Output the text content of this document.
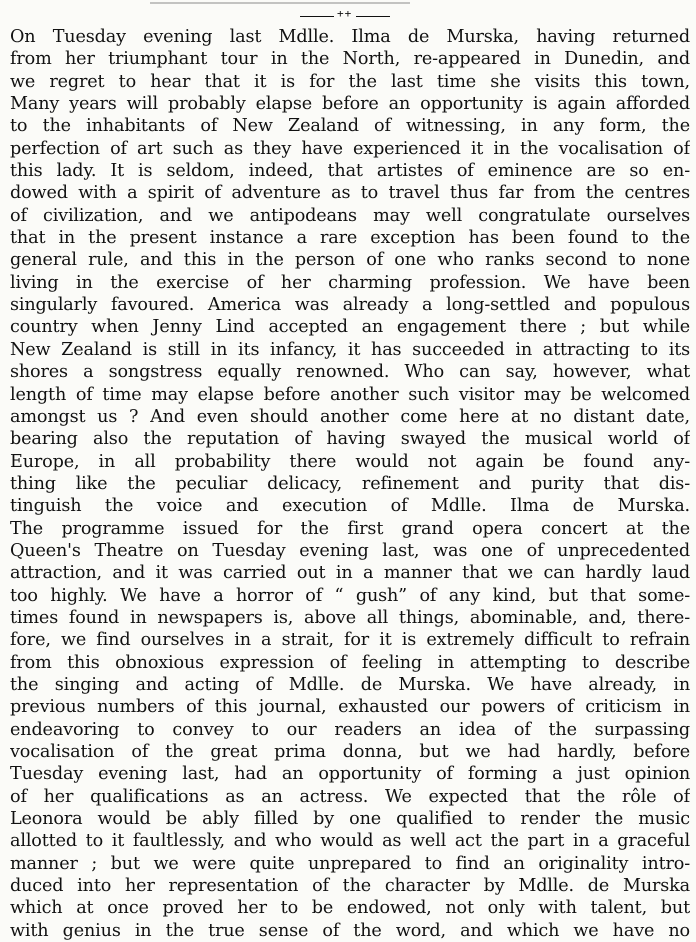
++
On Tuesday evening last Mdlle. Ilma de Murska, having returned
from her triumphant tour in the North, re-appeared in Dunedin, and
we regret to hear that it is for the last time she visits this town,
Many years will probably elapse before an opportunity is again afforded
to the inhabitants of New Zealand of witnessing, in any form, the
perfection of art such as they have experienced it in the vocalisation of
this lady. It is seldom, indeed, that artistes of eminence are so en-
dowed with a spirit of adventure as to travel thus far from the centres
of civilization, and we antipodeans may well congratulate ourselves
that in the present instance a rare exception has been found to the
general rule, and this in the person of one who ranks second to none
living in the exercise of her charming profession. We have been
singularly favoured. America was already a long-settled and populous
country when Jenny Lind accepted an engagement there ; but while
New Zealand is still in its infancy, it has succeeded in attracting to its
shores a songstress equally renowned. Who can say, however, what
length of time may elapse before another such visitor may be welcomed
amongst us ? And even should another come here at no distant date,
bearing also the reputation of having swayed the musical world of
Europe, in all probability there would not again be found any-
thing like the peculiar delicacy, refinement and purity that dis-
tinguish the voice and execution of Mdlle. Ilma de Murska.
The programme issued for the first grand opera concert at the
Queen's Theatre on Tuesday evening last, was one of unprecedented
attraction, and it was carried out in a manner that we can hardly laud
too highly. We have a horror of “ gush” of any kind, but that some-
times found in newspapers is, above all things, abominable, and, there-
fore, we find ourselves in a strait, for it is extremely difficult to refrain
from this obnoxious expression of feeling in attempting to describe
the singing and acting of Mdlle. de Murska. We have already, in
previous numbers of this journal, exhausted our powers of criticism in
endeavoring to convey to our readers an idea of the surpassing
vocalisation of the great prima donna, but we had hardly, before
Tuesday evening last, had an opportunity of forming a just opinion
of her qualifications as an actress. We expected that the rôle of
Leonora would be ably filled by one qualified to render the music
allotted to it faultlessly, and who would as well act the part in a graceful
manner ; but we were quite unprepared to find an originality intro-
duced into her representation of the character by Mdlle. de Murska
which at once proved her to be endowed, not only with talent, but
with genius in the true sense of the word, and which we have no
